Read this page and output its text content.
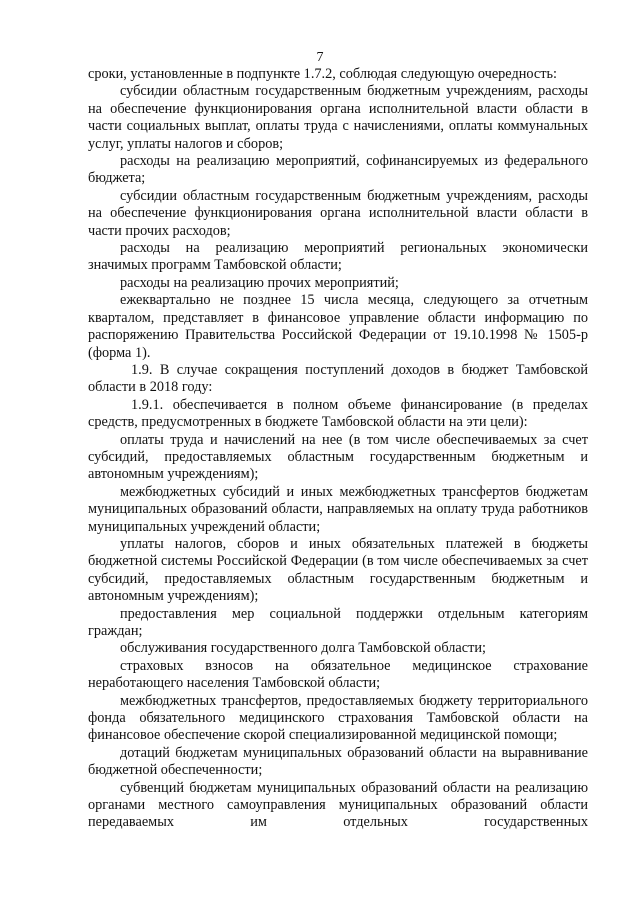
7

сроки, установленные в подпункте 1.7.2, соблюдая следующую очередность:

субсидии областным государственным бюджетным учреждениям, расходы на обеспечение функционирования органа исполнительной власти области в части социальных выплат, оплаты труда с начислениями, оплаты коммунальных услуг, уплаты налогов и сборов;

расходы на реализацию мероприятий, софинансируемых из федерального бюджета;

субсидии областным государственным бюджетным учреждениям, расходы на обеспечение функционирования органа исполнительной власти области в части прочих расходов;

расходы на реализацию мероприятий региональных экономически значимых программ Тамбовской области;

расходы на реализацию прочих мероприятий;

ежеквартально не позднее 15 числа месяца, следующего за отчетным кварталом, представляет в финансовое управление области информацию по распоряжению Правительства Российской Федерации от 19.10.1998 № 1505-р (форма 1).

1.9. В случае сокращения поступлений доходов в бюджет Тамбовской области в 2018 году:

1.9.1. обеспечивается в полном объеме финансирование (в пределах средств, предусмотренных в бюджете Тамбовской области на эти цели):

оплаты труда и начислений на нее (в том числе обеспечиваемых за счет субсидий, предоставляемых областным государственным бюджетным и автономным учреждениям);

межбюджетных субсидий и иных межбюджетных трансфертов бюджетам муниципальных образований области, направляемых на оплату труда работников муниципальных учреждений области;

уплаты налогов, сборов и иных обязательных платежей в бюджеты бюджетной системы Российской Федерации (в том числе обеспечиваемых за счет субсидий, предоставляемых областным государственным бюджетным и автономным учреждениям);

предоставления мер социальной поддержки отдельным категориям граждан;

обслуживания государственного долга Тамбовской области;

страховых взносов на обязательное медицинское страхование неработающего населения Тамбовской области;

межбюджетных трансфертов, предоставляемых бюджету территориального фонда обязательного медицинского страхования Тамбовской области на финансовое обеспечение скорой специализированной медицинской помощи;

дотаций бюджетам муниципальных образований области на выравнивание бюджетной обеспеченности;

субвенций бюджетам муниципальных образований области на реализацию органами местного самоуправления муниципальных образований области передаваемых им отдельных государственных
